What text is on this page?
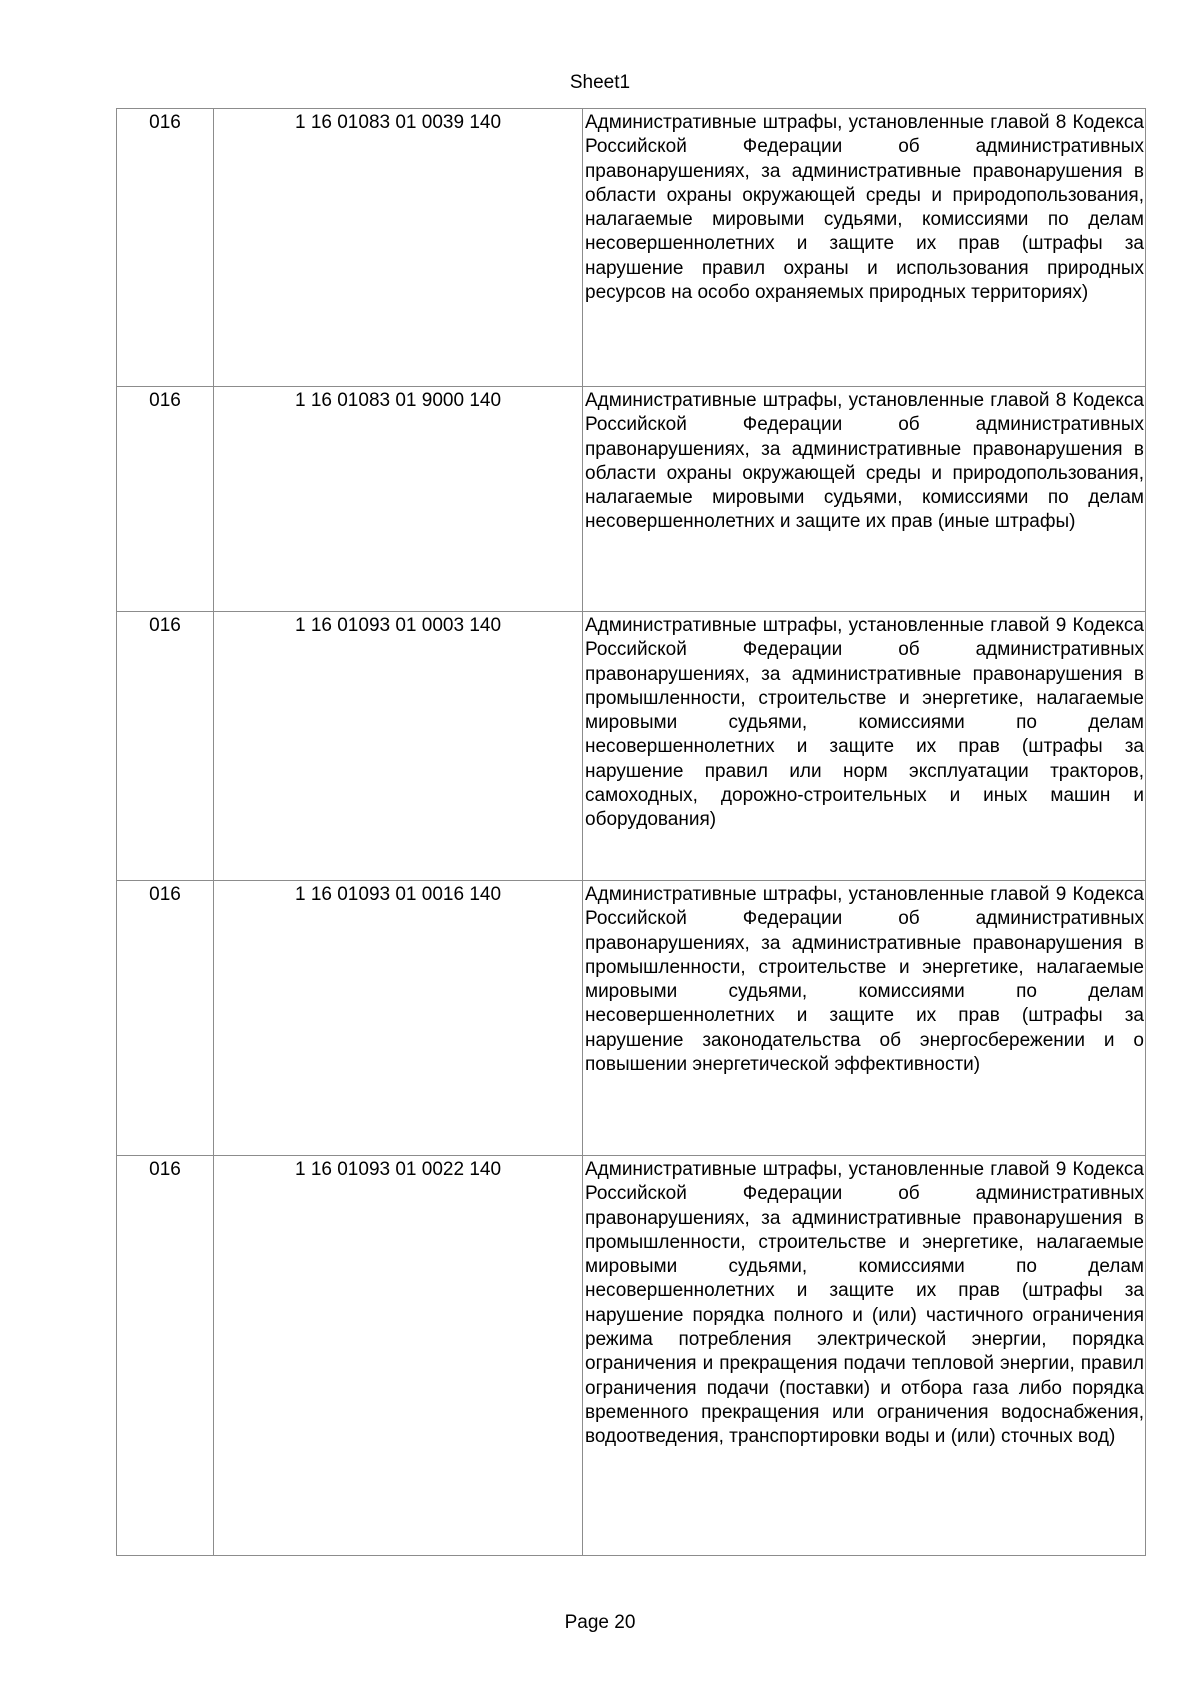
Sheet1
016	1 16 01083 01 0039 140	Административные штрафы, установленные главой 8 Кодекса Российской Федерации об административных правонарушениях, за административные правонарушения в области охраны окружающей среды и природопользования, налагаемые мировыми судьями, комиссиями по делам несовершеннолетних и защите их прав (штрафы за нарушение правил охраны и использования природных ресурсов на особо охраняемых природных территориях)
016	1 16 01083 01 9000 140	Административные штрафы, установленные главой 8 Кодекса Российской Федерации об административных правонарушениях, за административные правонарушения в области охраны окружающей среды и природопользования, налагаемые мировыми судьями, комиссиями по делам несовершеннолетних и защите их прав (иные штрафы)
016	1 16 01093 01 0003 140	Административные штрафы, установленные главой 9 Кодекса Российской Федерации об административных правонарушениях, за административные правонарушения в промышленности, строительстве и энергетике, налагаемые мировыми судьями, комиссиями по делам несовершеннолетних и защите их прав (штрафы за нарушение правил или норм эксплуатации тракторов, самоходных, дорожно-строительных и иных машин и оборудования)
016	1 16 01093 01 0016 140	Административные штрафы, установленные главой 9 Кодекса Российской Федерации об административных правонарушениях, за административные правонарушения в промышленности, строительстве и энергетике, налагаемые мировыми судьями, комиссиями по делам несовершеннолетних и защите их прав (штрафы за нарушение законодательства об энергосбережении и о повышении энергетической эффективности)
016	1 16 01093 01 0022 140	Административные штрафы, установленные главой 9 Кодекса Российской Федерации об административных правонарушениях, за административные правонарушения в промышленности, строительстве и энергетике, налагаемые мировыми судьями, комиссиями по делам несовершеннолетних и защите их прав (штрафы за нарушение порядка полного и (или) частичного ограничения режима потребления электрической энергии, порядка ограничения и прекращения подачи тепловой энергии, правил ограничения подачи (поставки) и отбора газа либо порядка временного прекращения или ограничения водоснабжения, водоотведения, транспортировки воды и (или) сточных вод)
Page 20
